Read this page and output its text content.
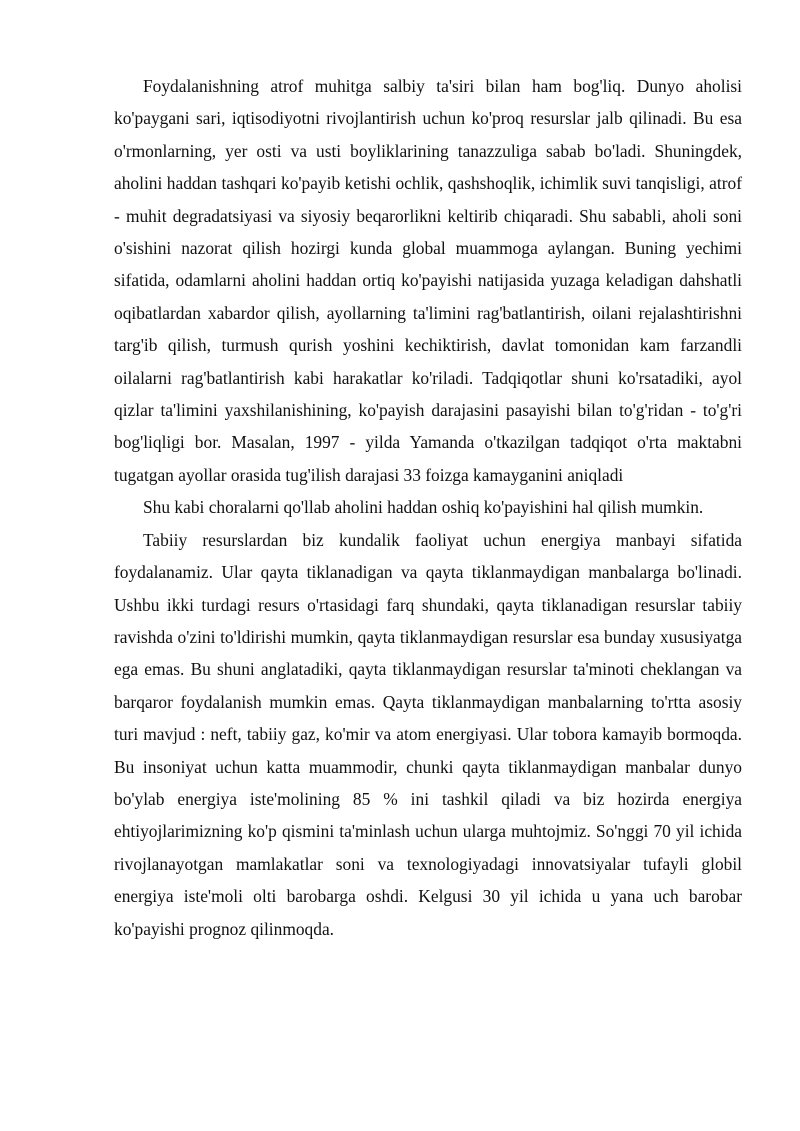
Foydalanishning atrof muhitga salbiy ta'siri bilan ham bog'liq. Dunyo aholisi ko'paygani sari, iqtisodiyotni rivojlantirish uchun ko'proq resurslar jalb qilinadi. Bu esa o'rmonlarning, yer osti va usti boyliklarining tanazzuliga sabab bo'ladi. Shuningdek, aholini haddan tashqari ko'payib ketishi ochlik, qashshoqlik, ichimlik suvi tanqisligi, atrof - muhit degradatsiyasi va siyosiy beqarorlikni keltirib chiqaradi. Shu sababli, aholi soni o'sishini nazorat qilish hozirgi kunda global muammoga aylangan. Buning yechimi sifatida, odamlarni aholini haddan ortiq ko'payishi natijasida yuzaga keladigan dahshatli oqibatlardan xabardor qilish, ayollarning ta'limini rag'batlantirish, oilani rejalashtirishni targ'ib qilish, turmush qurish yoshini kechiktirish, davlat tomonidan kam farzandli oilalarni rag'batlantirish kabi harakatlar ko'riladi. Tadqiqotlar shuni ko'rsatadiki, ayol qizlar ta'limini yaxshilanishining, ko'payish darajasini pasayishi bilan to'g'ridan - to'g'ri bog'liqligi bor. Masalan, 1997 - yilda Yamanda o'tkazilgan tadqiqot o'rta maktabni tugatgan ayollar orasida tug'ilish darajasi 33 foizga kamayganini aniqladi

Shu kabi choralarni qo'llab aholini haddan oshiq ko'payishini hal qilish mumkin.

Tabiiy resurslardan biz kundalik faoliyat uchun energiya manbayi sifatida foydalanamiz. Ular qayta tiklanadigan va qayta tiklanmaydigan manbalarga bo'linadi. Ushbu ikki turdagi resurs o'rtasidagi farq shundaki, qayta tiklanadigan resurslar tabiiy ravishda o'zini to'ldirishi mumkin, qayta tiklanmaydigan resurslar esa bunday xususiyatga ega emas. Bu shuni anglatadiki, qayta tiklanmaydigan resurslar ta'minoti cheklangan va barqaror foydalanish mumkin emas. Qayta tiklanmaydigan manbalarning to'rtta asosiy turi mavjud : neft, tabiiy gaz, ko'mir va atom energiyasi. Ular tobora kamayib bormoqda. Bu insoniyat uchun katta muammodir, chunki qayta tiklanmaydigan manbalar dunyo bo'ylab energiya iste'molining 85 % ini tashkil qiladi va biz hozirda energiya ehtiyojlarimizning ko'p qismini ta'minlash uchun ularga muhtojmiz. So'nggi 70 yil ichida rivojlanayotgan mamlakatlar soni va texnologiyadagi innovatsiyalar tufayli globil energiya iste'moli olti barobarga oshdi. Kelgusi 30 yil ichida u yana uch barobar ko'payishi prognoz qilinmoqda.
